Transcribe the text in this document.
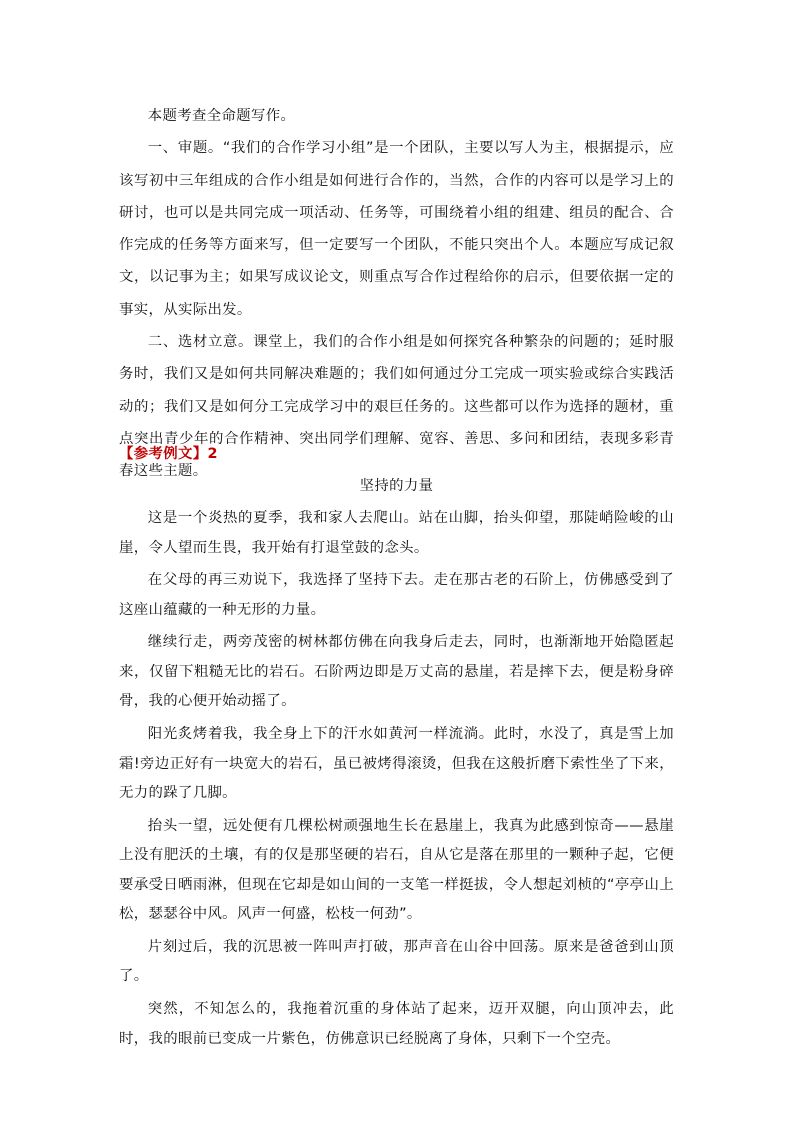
本题考查全命题写作。

一、审题。“我们的合作学习小组”是一个团队，主要以写人为主，根据提示，应该写初中三年组成的合作小组是如何进行合作的，当然，合作的内容可以是学习上的研讨，也可以是共同完成一项活动、任务等，可围绕着小组的组建、组员的配合、合作完成的任务等方面来写，但一定要写一个团队，不能只突出个人。本题应写成记叙文，以记事为主；如果写成议论文，则重点写合作过程给你的启示，但要依据一定的事实，从实际出发。

二、选材立意。课堂上，我们的合作小组是如何探究各种繁杂的问题的；延时服务时，我们又是如何共同解决难题的；我们如何通过分工完成一项实验或综合实践活动的；我们又是如何分工完成学习中的艰巨任务的。这些都可以作为选择的题材，重点突出青少年的合作精神、突出同学们理解、宽容、善思、多问和团结，表现多彩青春这些主题。

【参考例文】2
坚持的力量

这是一个炎热的夏季，我和家人去爬山。站在山脚，抬头仰望，那陡峭险峻的山崖，令人望而生畏，我开始有打退堂鼓的念头。

在父母的再三劝说下，我选择了坚持下去。走在那古老的石阶上，仿佛感受到了这座山蕴藏的一种无形的力量。

继续行走，两旁茂密的树林都仿佛在向我身后走去，同时，也渐渐地开始隐匿起来，仅留下粗糙无比的岩石。石阶两边即是万丈高的悬崖，若是摔下去，便是粉身碎骨，我的心便开始动摇了。

阳光炙烤着我，我全身上下的汗水如黄河一样流淌。此时，水没了，真是雪上加霜!旁边正好有一块宽大的岩石，虽已被烤得滚烫，但我在这般折磨下索性坐了下来，无力的跺了几脚。

抬头一望，远处便有几棵松树顽强地生长在悬崖上，我真为此感到惊奇——悬崖上没有肥沃的土壤，有的仅是那坚硬的岩石，自从它是落在那里的一颗种子起，它便要承受日晒雨淋，但现在它却是如山间的一支笔一样挺拔，令人想起刘桢的“亭亭山上松，瑟瑟谷中风。风声一何盛，松枝一何劲”。

片刻过后，我的沉思被一阵叫声打破，那声音在山谷中回荡。原来是爸爸到山顶了。

突然，不知怎么的，我拖着沉重的身体站了起来，迈开双腿，向山顶冲去，此时，我的眼前已变成一片紫色，仿佛意识已经脱离了身体，只剩下一个空壳。
